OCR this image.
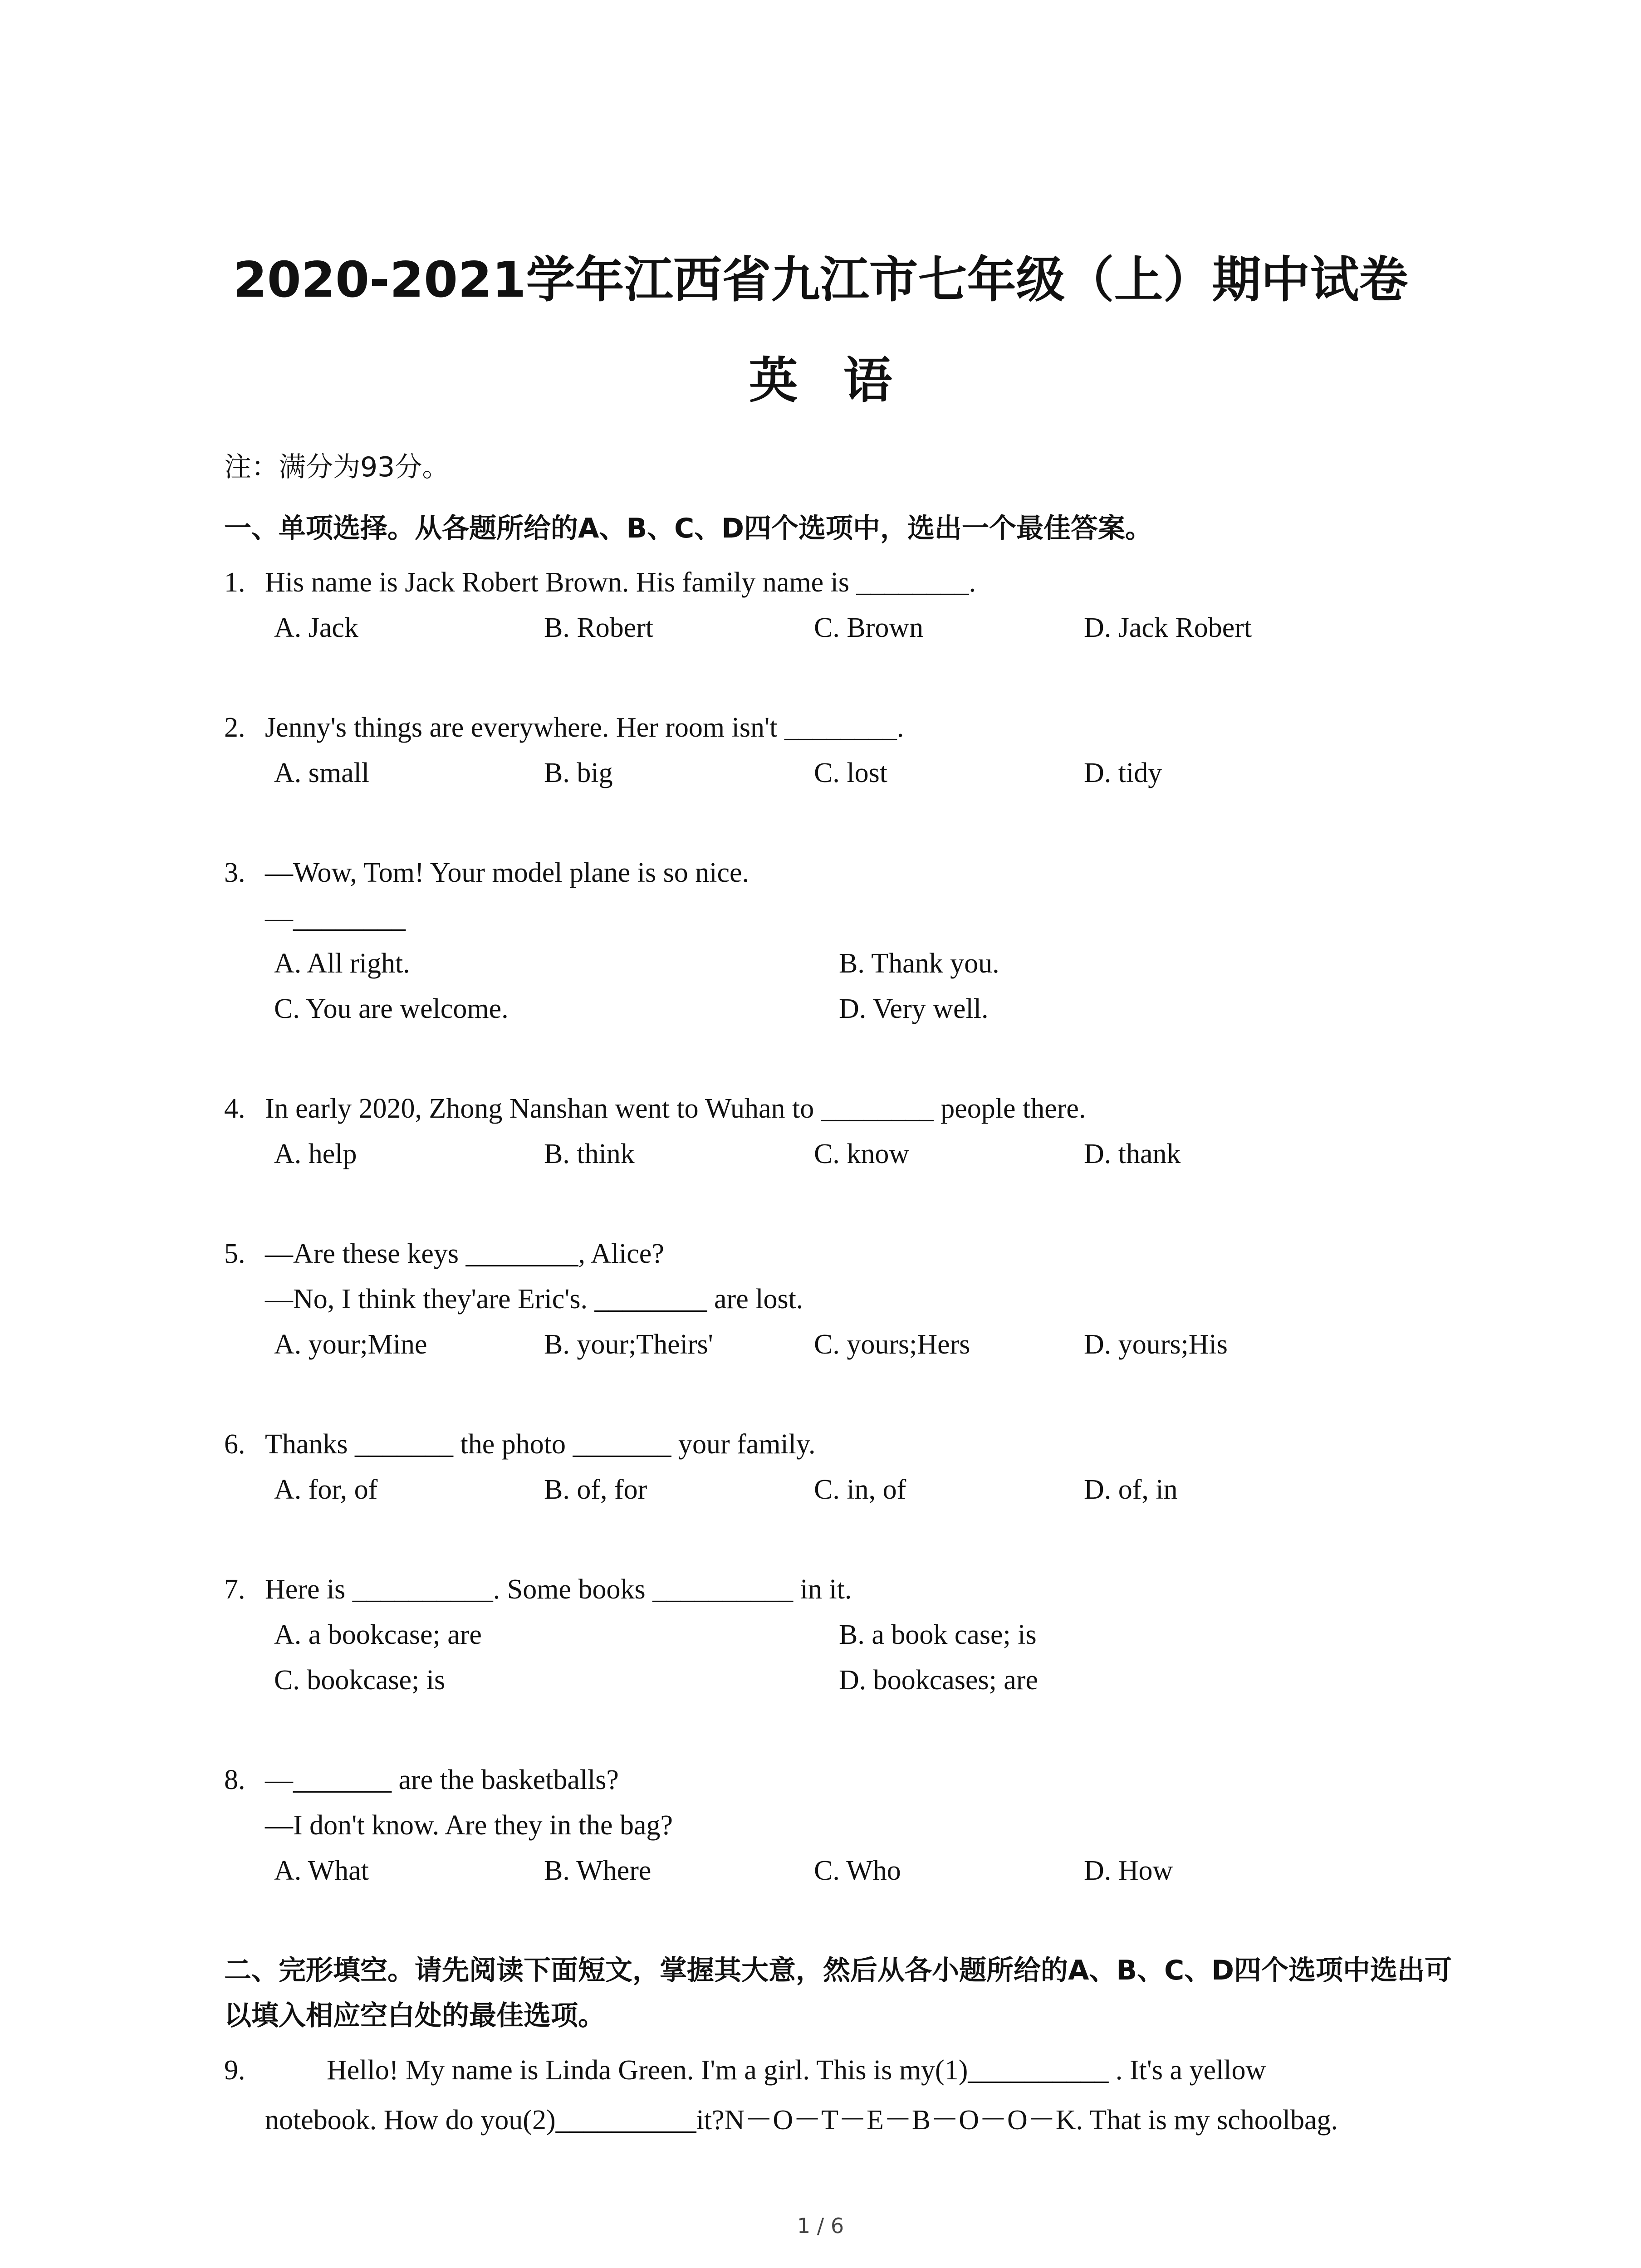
2020-2021学年江西省九江市七年级（上）期中试卷
英语
注：满分为93分。
一、单项选择。从各题所给的A、B、C、D四个选项中，选出一个最佳答案。
1. His name is Jack Robert Brown. His family name is ________.
A. Jack	B. Robert	C. Brown	D. Jack Robert
2. Jenny's things are everywhere. Her room isn't ________.
A. small	B. big	C. lost	D. tidy
3. —Wow, Tom! Your model plane is so nice.
—________
A. All right.	B. Thank you.
C. You are welcome.	D. Very well.
4. In early 2020, Zhong Nanshan went to Wuhan to ________ people there.
A. help	B. think	C. know	D. thank
5. —Are these keys ________, Alice?
—No, I think they'are Eric's. ________ are lost.
A. your;Mine	B. your;Theirs'	C. yours;Hers	D. yours;His
6. Thanks _______ the photo _______ your family.
A. for, of	B. of, for	C. in, of	D. of, in
7. Here is __________. Some books __________ in it.
A. a bookcase; are	B. a book case; is
C. bookcase; is	D. bookcases; are
8. —_______ are the basketballs?
—I don't know. Are they in the bag?
A. What	B. Where	C. Who	D. How
二、完形填空。请先阅读下面短文，掌握其大意，然后从各小题所给的A、B、C、D四个选项中选出可以填入相应空白处的最佳选项。
9.	Hello! My name is Linda Green. I'm a girl. This is my(1)__________ . It's a yellow
notebook. How do you(2)__________it?N－O－T－E－B－O－O－K. That is my schoolbag.
1 / 6
